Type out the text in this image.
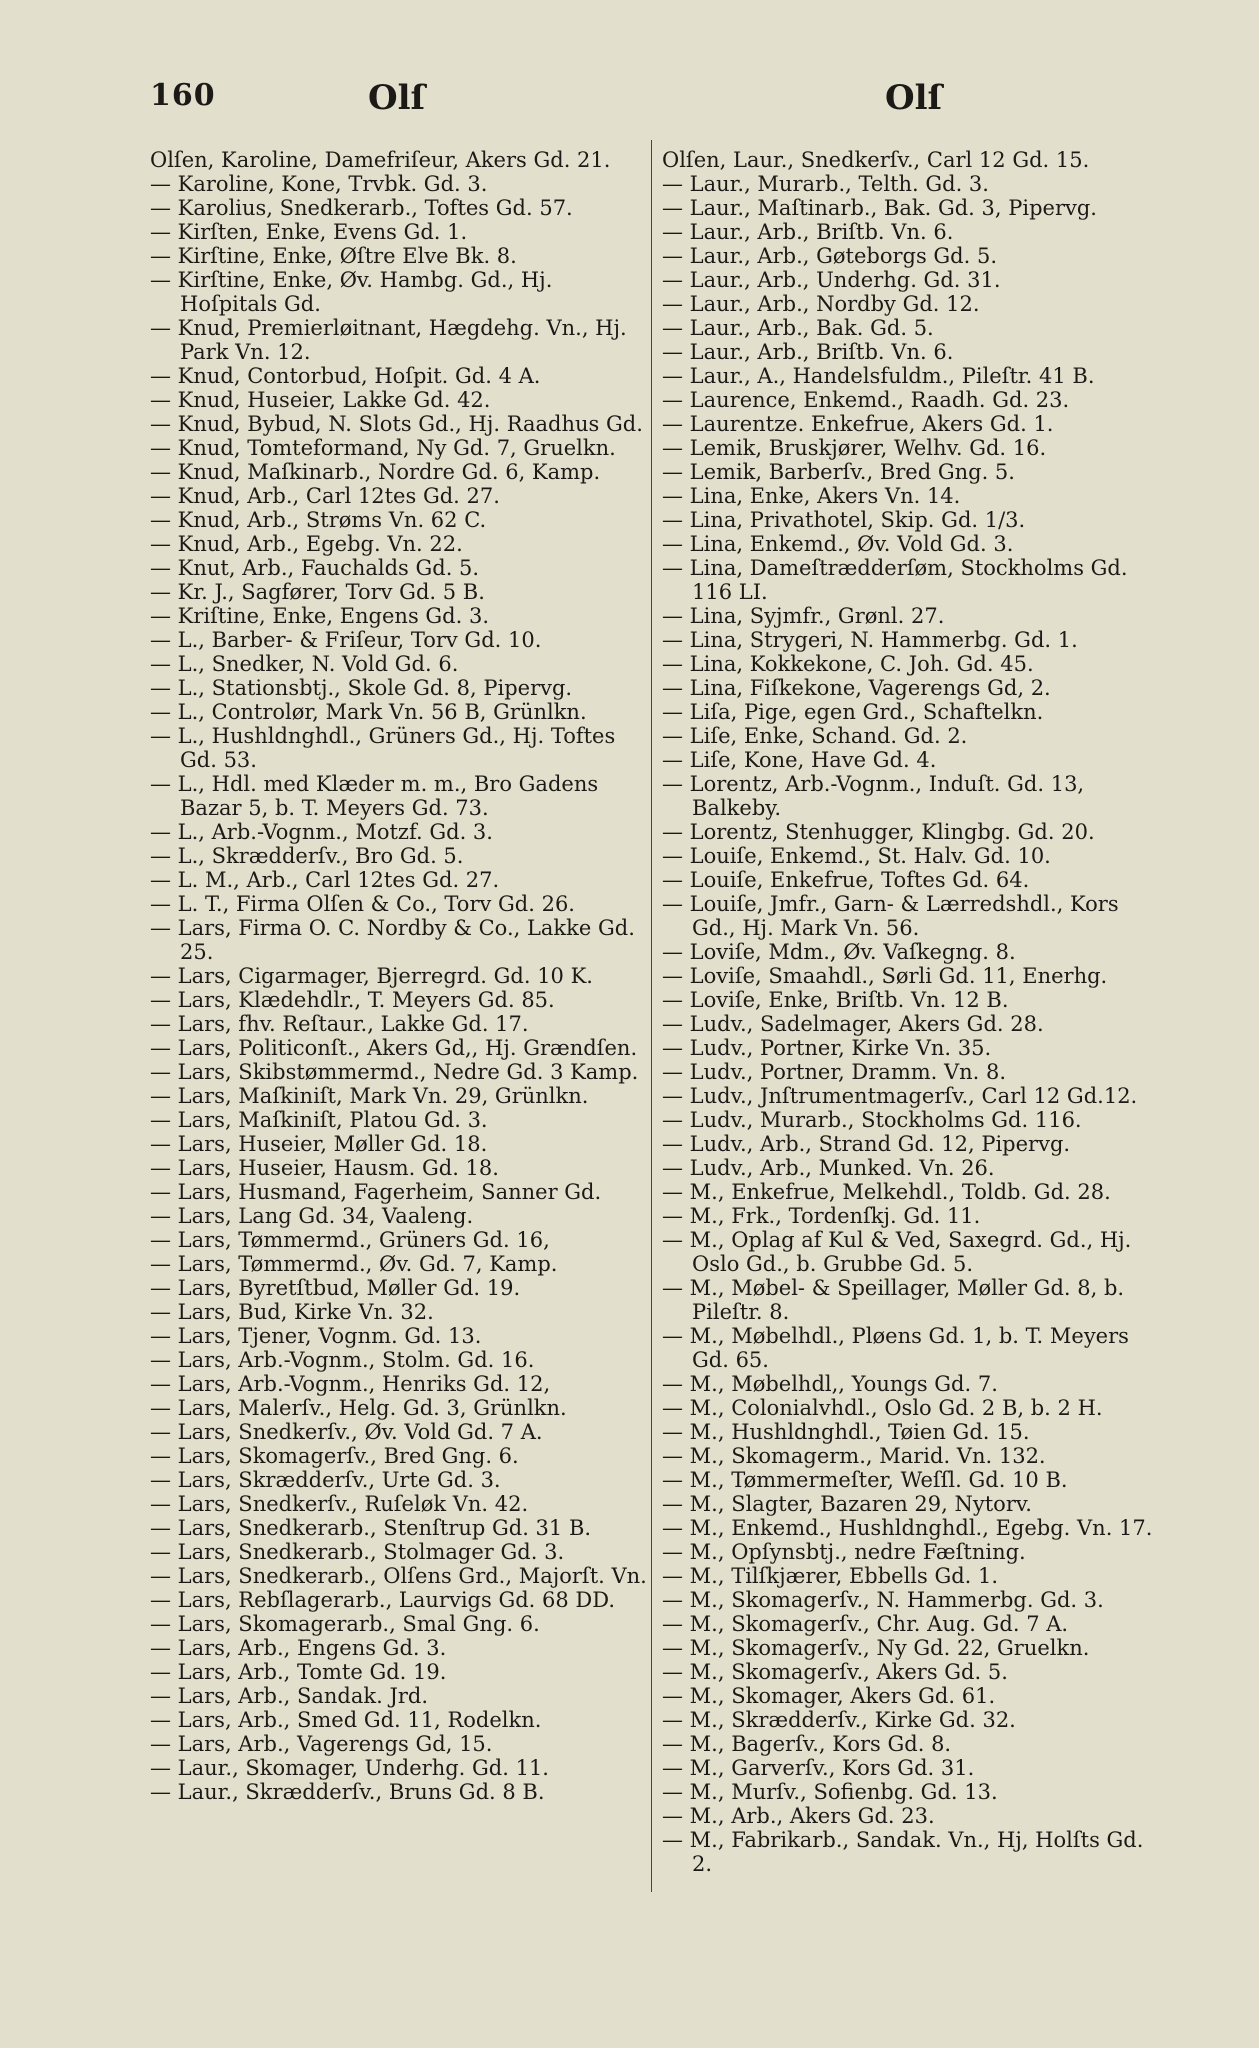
160	Olſ	Olſ

Olſen, Karoline, Damefriſeur, Akers Gd. 21.

— Karoline, Kone, Trvbk. Gd. 3.

— Karolius, Snedkerarb., Toftes Gd. 57.

— Kirſten, Enke, Evens Gd. 1.

— Kirſtine, Enke, Øſtre Elve Bk. 8.

— Kirſtine, Enke, Øv. Hambg. Gd., Hj. Hoſpitals Gd.

— Knud, Premierløitnant, Hægdehg. Vn., Hj. Park Vn. 12.

— Knud, Contorbud, Hoſpit. Gd. 4 A.

— Knud, Huseier, Lakke Gd. 42.

— Knud, Bybud, N. Slots Gd., Hj. Raadhus Gd.

— Knud, Tomteformand, Ny Gd. 7, Gruelkn.

— Knud, Maſkinarb., Nordre Gd. 6, Kamp.

— Knud, Arb., Carl 12tes Gd. 27.

— Knud, Arb., Strøms Vn. 62 C.

— Knud, Arb., Egebg. Vn. 22.

— Knut, Arb., Fauchalds Gd. 5.

— Kr. J., Sagfører, Torv Gd. 5 B.

— Kriſtine, Enke, Engens Gd. 3.

— L., Barber- & Friſeur, Torv Gd. 10.

— L., Snedker, N. Vold Gd. 6.

— L., Stationsbtj., Skole Gd. 8, Pipervg.

— L., Controlør, Mark Vn. 56 B, Grünlkn.

— L., Hushldnghdl., Grüners Gd., Hj. Toftes Gd. 53.

— L., Hdl. med Klæder m. m., Bro Gadens Bazar 5, b. T. Meyers Gd. 73.

— L., Arb.-Vognm., Motzf. Gd. 3.

— L., Skrædderſv., Bro Gd. 5.

— L. M., Arb., Carl 12tes Gd. 27.

— L. T., Firma Olſen & Co., Torv Gd. 26.

— Lars, Firma O. C. Nordby & Co., Lakke Gd. 25.

— Lars, Cigarmager, Bjerregrd. Gd. 10 K.

— Lars, Klædehdlr., T. Meyers Gd. 85.

— Lars, fhv. Reſtaur., Lakke Gd. 17.

— Lars, Politiconſt., Akers Gd,, Hj. Grændſen.

— Lars, Skibstømmermd., Nedre Gd. 3 Kamp.

— Lars, Maſkiniſt, Mark Vn. 29, Grünlkn.

— Lars, Maſkiniſt, Platou Gd. 3.

— Lars, Huseier, Møller Gd. 18.

— Lars, Huseier, Hausm. Gd. 18.

— Lars, Husmand, Fagerheim, Sanner Gd.

— Lars, Lang Gd. 34, Vaaleng.

— Lars, Tømmermd., Grüners Gd. 16,

— Lars, Tømmermd., Øv. Gd. 7, Kamp.

— Lars, Byretſtbud, Møller Gd. 19.

— Lars, Bud, Kirke Vn. 32.

— Lars, Tjener, Vognm. Gd. 13.

— Lars, Arb.-Vognm., Stolm. Gd. 16.

— Lars, Arb.-Vognm., Henriks Gd. 12,

— Lars, Malerſv., Helg. Gd. 3, Grünlkn.

— Lars, Snedkerſv., Øv. Vold Gd. 7 A.

— Lars, Skomagerſv., Bred Gng. 6.

— Lars, Skrædderſv., Urte Gd. 3.

— Lars, Snedkerſv., Ruſeløk Vn. 42.

— Lars, Snedkerarb., Stenſtrup Gd. 31 B.

— Lars, Snedkerarb., Stolmager Gd. 3.

— Lars, Snedkerarb., Olſens Grd., Majorſt. Vn.

— Lars, Rebſlagerarb., Laurvigs Gd. 68 DD.

— Lars, Skomagerarb., Smal Gng. 6.

— Lars, Arb., Engens Gd. 3.

— Lars, Arb., Tomte Gd. 19.

— Lars, Arb., Sandak. Jrd.

— Lars, Arb., Smed Gd. 11, Rodelkn.

— Lars, Arb., Vagerengs Gd, 15.

— Laur., Skomager, Underhg. Gd. 11.

— Laur., Skrædderſv., Bruns Gd. 8 B.

Olſen, Laur., Snedkerſv., Carl 12 Gd. 15.

— Laur., Murarb., Telth. Gd. 3.

— Laur., Maſtinarb., Bak. Gd. 3, Pipervg.

— Laur., Arb., Briſtb. Vn. 6.

— Laur., Arb., Gøteborgs Gd. 5.

— Laur., Arb., Underhg. Gd. 31.

— Laur., Arb., Nordby Gd. 12.

— Laur., Arb., Bak. Gd. 5.

— Laur., Arb., Briſtb. Vn. 6.

— Laur., A., Handelsfuldm., Pileſtr. 41 B.

— Laurence, Enkemd., Raadh. Gd. 23.

— Laurentze. Enkefrue, Akers Gd. 1.

— Lemik, Bruskjører, Welhv. Gd. 16.

— Lemik, Barberſv., Bred Gng. 5.

— Lina, Enke, Akers Vn. 14.

— Lina, Privathotel, Skip. Gd. 1/3.

— Lina, Enkemd., Øv. Vold Gd. 3.

— Lina, Dameſtrædderſøm, Stockholms Gd. 116 LI.

— Lina, Syjmfr., Grønl. 27.

— Lina, Strygeri, N. Hammerbg. Gd. 1.

— Lina, Kokkekone, C. Joh. Gd. 45.

— Lina, Fiſkekone, Vagerengs Gd, 2.

— Liſa, Pige, egen Grd., Schaftelkn.

— Liſe, Enke, Schand. Gd. 2.

— Liſe, Kone, Have Gd. 4.

— Lorentz, Arb.-Vognm., Induſt. Gd. 13, Balkeby.

— Lorentz, Stenhugger, Klingbg. Gd. 20.

— Louiſe, Enkemd., St. Halv. Gd. 10.

— Louiſe, Enkefrue, Toftes Gd. 64.

— Louiſe, Jmfr., Garn- & Lærredshdl., Kors Gd., Hj. Mark Vn. 56.

— Loviſe, Mdm., Øv. Vaſkegng. 8.

— Loviſe, Smaahdl., Sørli Gd. 11, Enerhg.

— Loviſe, Enke, Briſtb. Vn. 12 B.

— Ludv., Sadelmager, Akers Gd. 28.

— Ludv., Portner, Kirke Vn. 35.

— Ludv., Portner, Dramm. Vn. 8.

— Ludv., Jnſtrumentmagerſv., Carl 12 Gd.12.

— Ludv., Murarb., Stockholms Gd. 116.

— Ludv., Arb., Strand Gd. 12, Pipervg.

— Ludv., Arb., Munked. Vn. 26.

— M., Enkefrue, Melkehdl., Toldb. Gd. 28.

— M., Frk., Tordenſkj. Gd. 11.

— M., Oplag af Kul & Ved, Saxegrd. Gd., Hj. Oslo Gd., b. Grubbe Gd. 5.

— M., Møbel- & Speillager, Møller Gd. 8, b. Pileſtr. 8.

— M., Møbelhdl., Pløens Gd. 1, b. T. Meyers Gd. 65.

— M., Møbelhdl,, Youngs Gd. 7.

— M., Colonialvhdl., Oslo Gd. 2 B, b. 2 H.

— M., Hushldnghdl., Tøien Gd. 15.

— M., Skomagerm., Marid. Vn. 132.

— M., Tømmermeſter, Weſſl. Gd. 10 B.

— M., Slagter, Bazaren 29, Nytorv.

— M., Enkemd., Hushldnghdl., Egebg. Vn. 17.

— M., Opſynsbtj., nedre Fæſtning.

— M., Tilſkjærer, Ebbells Gd. 1.

— M., Skomagerſv., N. Hammerbg. Gd. 3.

— M., Skomagerſv., Chr. Aug. Gd. 7 A.

— M., Skomagerſv., Ny Gd. 22, Gruelkn.

— M., Skomagerſv., Akers Gd. 5.

— M., Skomager, Akers Gd. 61.

— M., Skrædderſv., Kirke Gd. 32.

— M., Bagerſv., Kors Gd. 8.

— M., Garverſv., Kors Gd. 31.

— M., Murſv., Sofienbg. Gd. 13.

— M., Arb., Akers Gd. 23.

— M., Fabrikarb., Sandak. Vn., Hj, Holſts Gd. 2.
